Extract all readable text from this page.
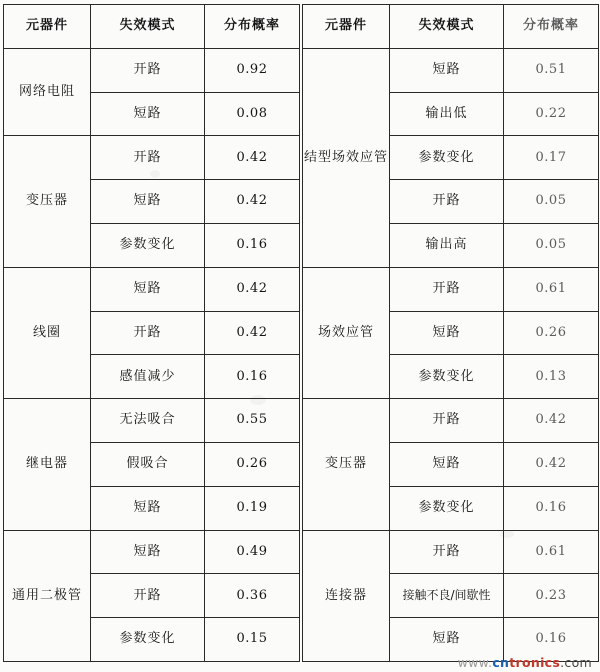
元器件	失效模式	分布概率
网络电阻	开路	0.92
	短路	0.08
变压器	开路	0.42
	短路	0.42
	参数变化	0.16
线圈	短路	0.42
	开路	0.42
	感值减少	0.16
继电器	无法吸合	0.55
	假吸合	0.26
	短路	0.19
通用二极管	短路	0.49
	开路	0.36
	参数变化	0.15
元器件	失效模式	分布概率
结型场效应管	短路	0.51
	输出低	0.22
	参数变化	0.17
	开路	0.05
	输出高	0.05
场效应管	开路	0.61
	短路	0.26
	参数变化	0.13
变压器	开路	0.42
	短路	0.42
	参数变化	0.16
连接器	开路	0.61
	接触不良/间歇性	0.23
	短路	0.16
www.cntronics.com
